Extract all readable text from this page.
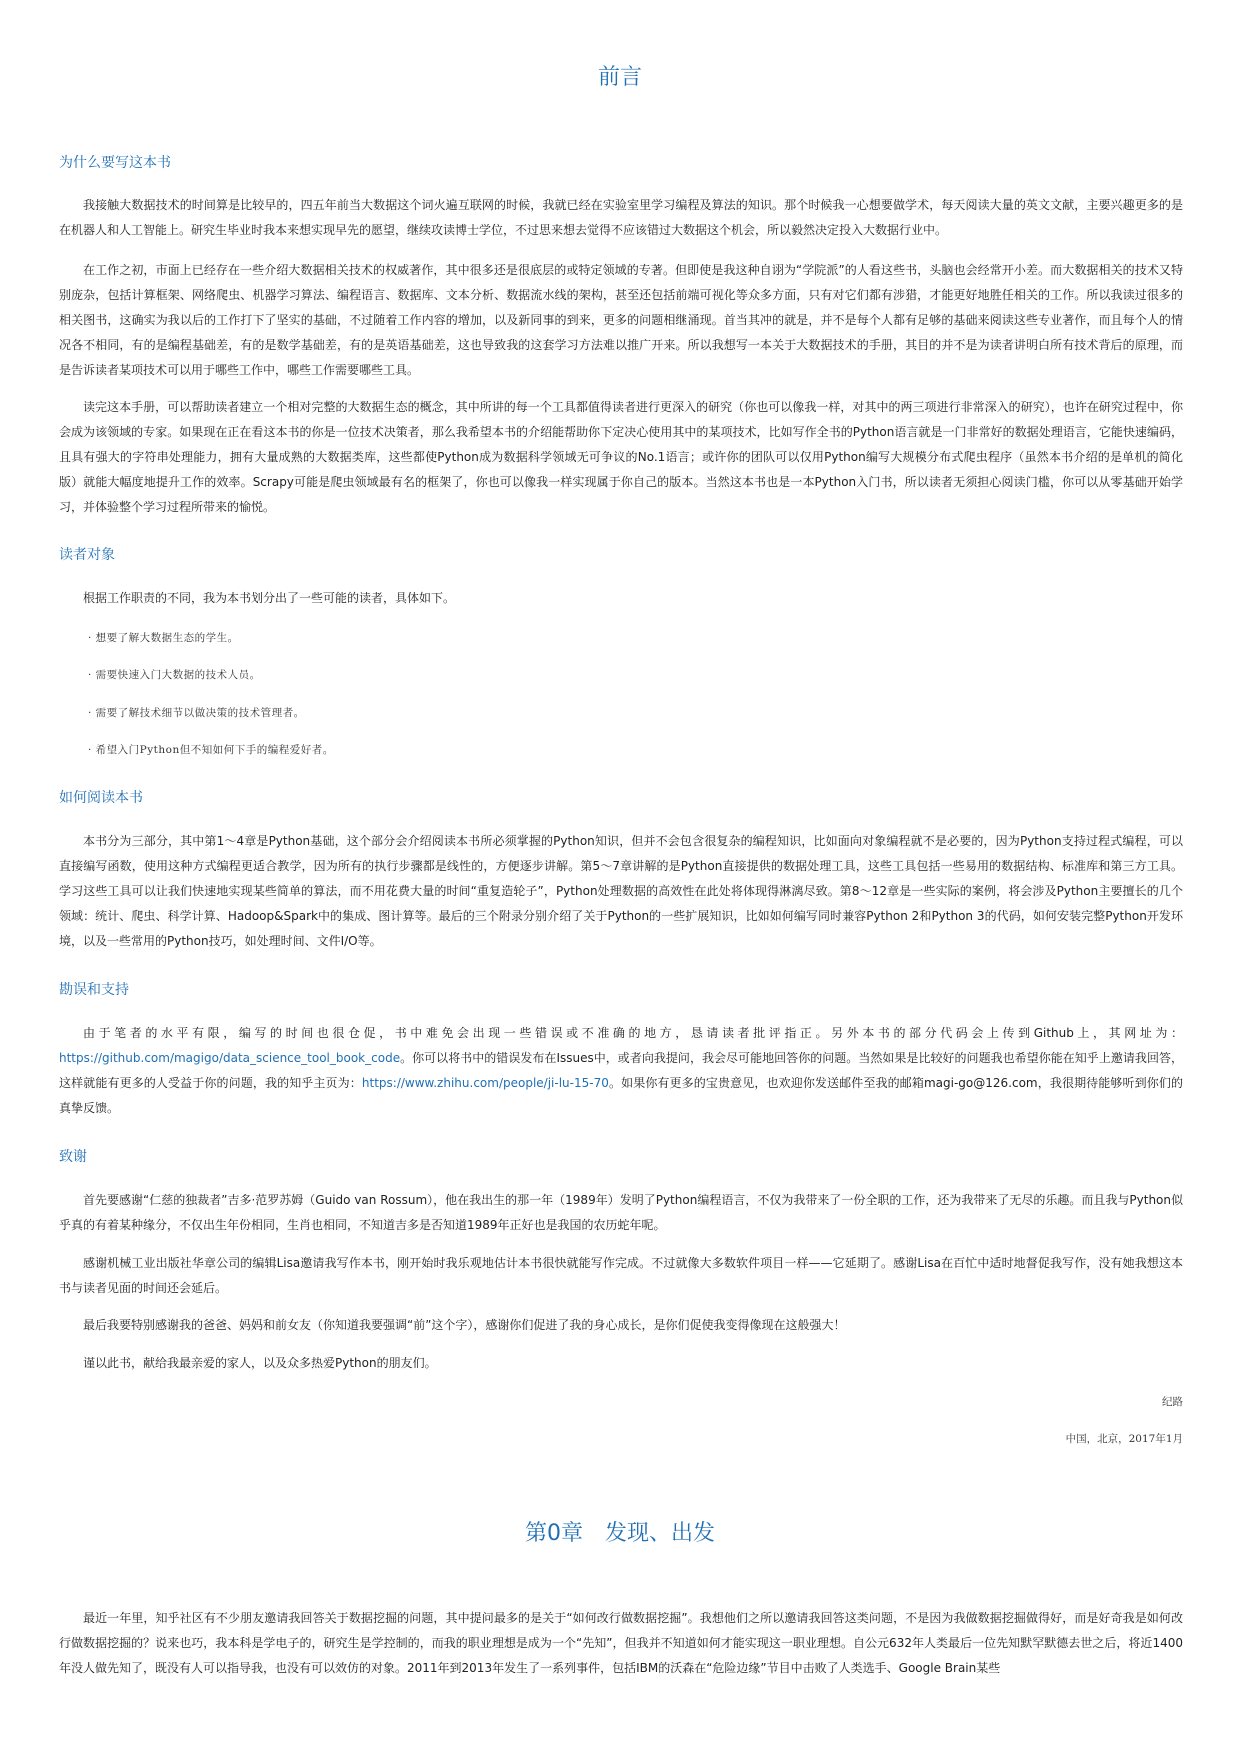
前言
为什么要写这本书

我接触大数据技术的时间算是比较早的，四五年前当大数据这个词火遍互联网的时候，我就已经在实验室里学习编程及算法的知识。那个时候我一心想要做学术，每天阅读大量的英文文献，主要兴趣更多的是在机器人和人工智能上。研究生毕业时我本来想实现早先的愿望，继续攻读博士学位，不过思来想去觉得不应该错过大数据这个机会，所以毅然决定投入大数据行业中。

在工作之初，市面上已经存在一些介绍大数据相关技术的权威著作，其中很多还是很底层的或特定领域的专著。但即使是我这种自诩为“学院派”的人看这些书，头脑也会经常开小差。而大数据相关的技术又特别庞杂，包括计算框架、网络爬虫、机器学习算法、编程语言、数据库、文本分析、数据流水线的架构，甚至还包括前端可视化等众多方面，只有对它们都有涉猎，才能更好地胜任相关的工作。所以我读过很多的相关图书，这确实为我以后的工作打下了坚实的基础，不过随着工作内容的增加，以及新同事的到来，更多的问题相继涌现。首当其冲的就是，并不是每个人都有足够的基础来阅读这些专业著作，而且每个人的情况各不相同，有的是编程基础差，有的是数学基础差，有的是英语基础差，这也导致我的这套学习方法难以推广开来。所以我想写一本关于大数据技术的手册，其目的并不是为读者讲明白所有技术背后的原理，而是告诉读者某项技术可以用于哪些工作中，哪些工作需要哪些工具。

读完这本手册，可以帮助读者建立一个相对完整的大数据生态的概念，其中所讲的每一个工具都值得读者进行更深入的研究（你也可以像我一样，对其中的两三项进行非常深入的研究），也许在研究过程中，你会成为该领域的专家。如果现在正在看这本书的你是一位技术决策者，那么我希望本书的介绍能帮助你下定决心使用其中的某项技术，比如写作全书的Python语言就是一门非常好的数据处理语言，它能快速编码，且具有强大的字符串处理能力，拥有大量成熟的大数据类库，这些都使Python成为数据科学领域无可争议的No.1语言；或许你的团队可以仅用Python编写大规模分布式爬虫程序（虽然本书介绍的是单机的简化版）就能大幅度地提升工作的效率。Scrapy可能是爬虫领域最有名的框架了，你也可以像我一样实现属于你自己的版本。当然这本书也是一本Python入门书，所以读者无须担心阅读门槛，你可以从零基础开始学习，并体验整个学习过程所带来的愉悦。

读者对象

根据工作职责的不同，我为本书划分出了一些可能的读者，具体如下。

· 想要了解大数据生态的学生。

· 需要快速入门大数据的技术人员。

· 需要了解技术细节以做决策的技术管理者。

· 希望入门Python但不知如何下手的编程爱好者。

如何阅读本书

本书分为三部分，其中第1～4章是Python基础，这个部分会介绍阅读本书所必须掌握的Python知识，但并不会包含很复杂的编程知识，比如面向对象编程就不是必要的，因为Python支持过程式编程，可以直接编写函数，使用这种方式编程更适合教学，因为所有的执行步骤都是线性的，方便逐步讲解。第5～7章讲解的是Python直接提供的数据处理工具，这些工具包括一些易用的数据结构、标准库和第三方工具。学习这些工具可以让我们快速地实现某些简单的算法，而不用花费大量的时间“重复造轮子”，Python处理数据的高效性在此处将体现得淋漓尽致。第8～12章是一些实际的案例，将会涉及Python主要擅长的几个领域：统计、爬虫、科学计算、Hadoop&Spark中的集成、图计算等。最后的三个附录分别介绍了关于Python的一些扩展知识，比如如何编写同时兼容Python 2和Python 3的代码，如何安装完整Python开发环境，以及一些常用的Python技巧，如处理时间、文件I/O等。

勘误和支持

由于笔者的水平有限，编写的时间也很仓促，书中难免会出现一些错误或不准确的地方，恳请读者批评指正。另外本书的部分代码会上传到Github上，其网址为：https://github.com/magigo/data_science_tool_book_code。你可以将书中的错误发布在Issues中，或者向我提问，我会尽可能地回答你的问题。当然如果是比较好的问题我也希望你能在知乎上邀请我回答，这样就能有更多的人受益于你的问题，我的知乎主页为：https://www.zhihu.com/people/ji-lu-15-70。如果你有更多的宝贵意见，也欢迎你发送邮件至我的邮箱magi-go@126.com，我很期待能够听到你们的真挚反馈。

致谢

首先要感谢“仁慈的独裁者”吉多·范罗苏姆（Guido van Rossum），他在我出生的那一年（1989年）发明了Python编程语言，不仅为我带来了一份全职的工作，还为我带来了无尽的乐趣。而且我与Python似乎真的有着某种缘分，不仅出生年份相同，生肖也相同，不知道吉多是否知道1989年正好也是我国的农历蛇年呢。

感谢机械工业出版社华章公司的编辑Lisa邀请我写作本书，刚开始时我乐观地估计本书很快就能写作完成。不过就像大多数软件项目一样——它延期了。感谢Lisa在百忙中适时地督促我写作，没有她我想这本书与读者见面的时间还会延后。

最后我要特别感谢我的爸爸、妈妈和前女友（你知道我要强调“前”这个字），感谢你们促进了我的身心成长，是你们促使我变得像现在这般强大！

谨以此书，献给我最亲爱的家人，以及众多热爱Python的朋友们。

纪路

中国，北京，2017年1月

第0章　发现、出发

最近一年里，知乎社区有不少朋友邀请我回答关于数据挖掘的问题，其中提问最多的是关于“如何改行做数据挖掘”。我想他们之所以邀请我回答这类问题，不是因为我做数据挖掘做得好，而是好奇我是如何改行做数据挖掘的？说来也巧，我本科是学电子的，研究生是学控制的，而我的职业理想是成为一个“先知”，但我并不知道如何才能实现这一职业理想。自公元632年人类最后一位先知默罕默德去世之后，将近1400年没人做先知了，既没有人可以指导我，也没有可以效仿的对象。2011年到2013年发生了一系列事件，包括IBM的沃森在“危险边缘”节目中击败了人类选手、Google Brain某些
